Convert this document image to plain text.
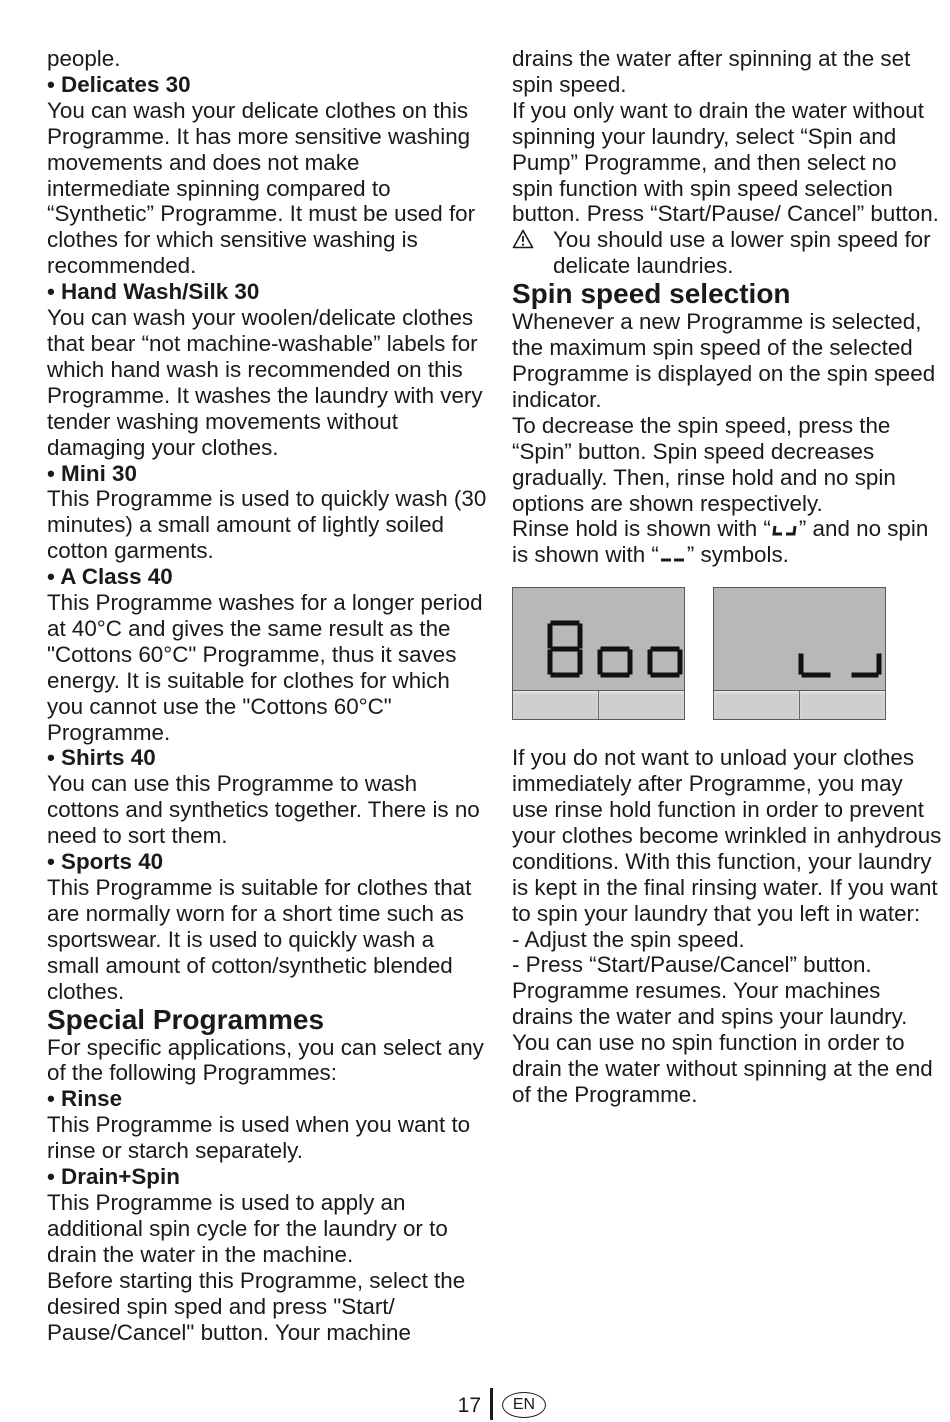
people.

• Delicates 30

You can wash your delicate clothes on this Programme. It has more sensitive washing movements and does not make intermediate spinning compared to “Synthetic” Programme. It must be used for clothes for which sensitive washing is recommended.

• Hand Wash/Silk 30

You can wash your woolen/delicate clothes that bear “not machine-washable” labels for which hand wash is recommended on this Programme. It washes the laundry with very tender washing movements without damaging your clothes.

• Mini 30

This Programme is used to quickly wash (30 minutes) a small amount of lightly soiled cotton garments.

• A Class 40

This Programme washes for a longer period at 40°C and gives the same result as the "Cottons 60°C" Programme, thus it saves energy. It is suitable for clothes for which you cannot use the "Cottons 60°C" Programme.

• Shirts 40

You can use this Programme to wash cottons and synthetics together. There is no need to sort them.

• Sports 40

This Programme is suitable for clothes that are normally worn for a short time such as sportswear. It is used to quickly wash a small amount of cotton/synthetic blended clothes.

Special Programmes

For specific applications, you can select any of the following Programmes:

• Rinse

This Programme is used when you want to rinse or starch separately.

• Drain+Spin

This Programme is used to apply an additional spin cycle for the laundry or to drain the water in the machine.

Before starting this Programme, select the desired spin sped and press "Start/ Pause/Cancel" button. Your machine

drains the water after spinning at the set spin speed.

If you only want to drain the water without spinning your laundry, select “Spin and Pump” Programme, and then select no spin function with spin speed selection button. Press “Start/Pause/ Cancel” button.

You should use a lower spin speed for delicate laundries.

Spin speed selection

Whenever a new Programme is selected, the maximum spin speed of the selected Programme is displayed on the spin speed indicator.

To decrease the spin speed, press the “Spin” button. Spin speed decreases gradually. Then, rinse hold and no spin options are shown respectively.

Rinse hold is shown with “ ” and no spin is shown with “ ” symbols.

If you do not want to unload your clothes immediately after Programme, you may use rinse hold function in order to prevent your clothes become wrinkled in anhydrous conditions. With this function, your laundry is kept in the final rinsing water. If you want to spin your laundry that you left in water:

- Adjust the spin speed.

- Press “Start/Pause/Cancel” button. Programme resumes. Your machines drains the water and spins your laundry. You can use no spin function in order to drain the water without spinning at the end of the Programme.

17	EN
